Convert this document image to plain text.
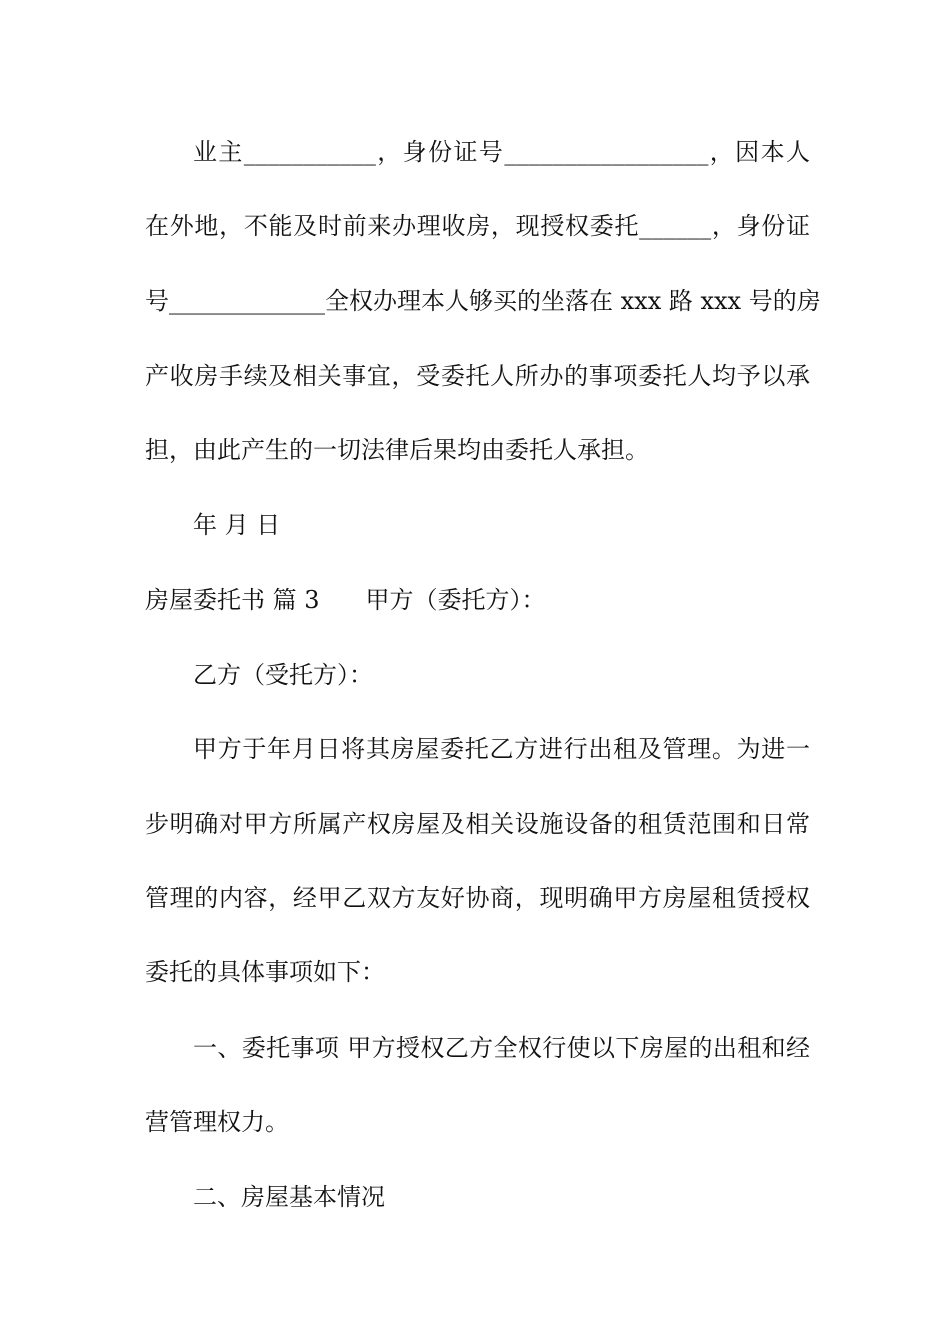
业主___________，身份证号_________________，因本人
在外地，不能及时前来办理收房，现授权委托______，身份证
号_____________全权办理本人够买的坐落在 xxx 路 xxx 号的房
产收房手续及相关事宜，受委托人所办的事项委托人均予以承
担，由此产生的一切法律后果均由委托人承担。
年 月 日
房屋委托书 篇 3 甲方（委托方）：
乙方（受托方）：
甲方于年月日将其房屋委托乙方进行出租及管理。为进一
步明确对甲方所属产权房屋及相关设施设备的租赁范围和日常
管理的内容，经甲乙双方友好协商，现明确甲方房屋租赁授权
委托的具体事项如下：
一、委托事项 甲方授权乙方全权行使以下房屋的出租和经
营管理权力。
二、房屋基本情况
